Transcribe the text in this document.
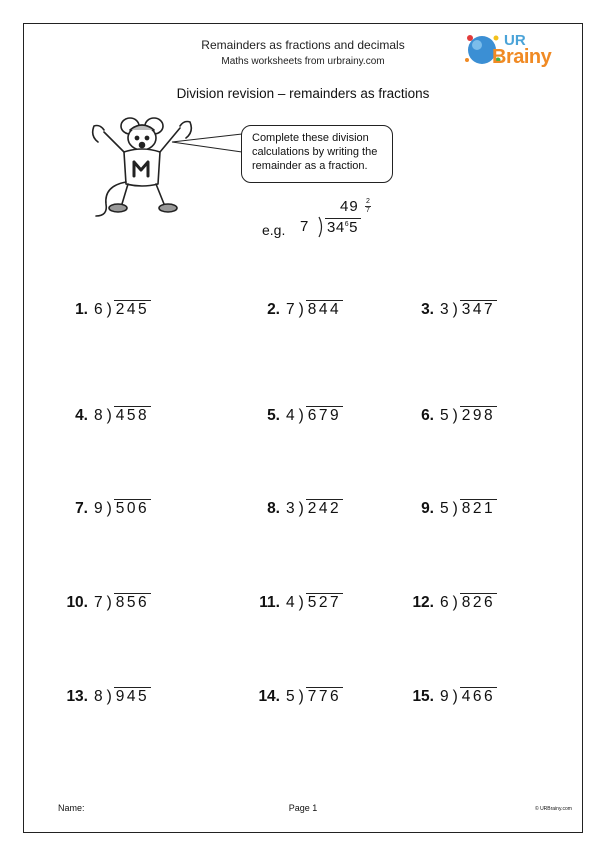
Remainders as fractions and decimals
Maths worksheets from urbrainy.com
UR
Brainy
Division revision – remainders as fractions
Complete these division calculations by writing the remainder as a fraction.
e.g. 7
49 2
7
$34^65$
1. 6 ) 245	2. 7 ) 844	3. 3 ) 347
4. 8 ) 458	5. 4 ) 679	6. 5 ) 298
7. 9 ) 506	8. 3 ) 242	9. 5 ) 821
10. 7 ) 856	11. 4 ) 527	12. 6 ) 826
13. 8 ) 945	14. 5 ) 776	15. 9 ) 466
Name:	Page 1	© URBrainy.com
